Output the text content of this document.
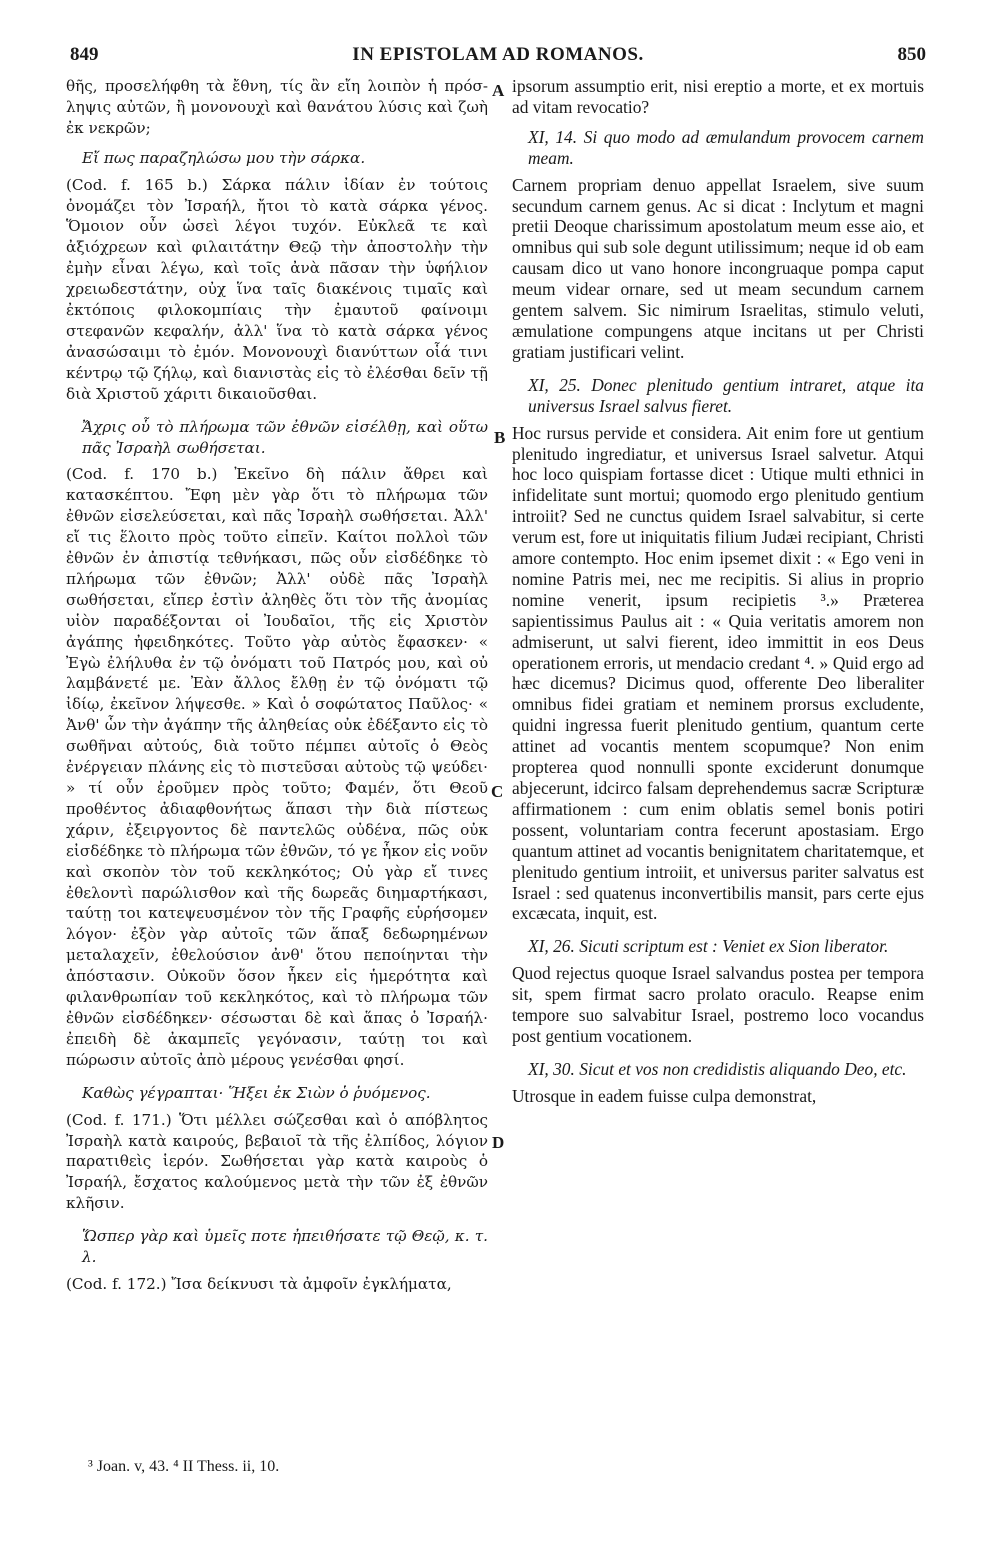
849	IN EPISTOLAM AD ROMANOS.	850

θῆς, προσελήφθη τὰ ἔθνη, τίς ἂν εἴη λοιπὸν ἡ πρόσ-ληψις αὐτῶν, ἢ μονονουχὶ καὶ θανάτου λύσις καὶ ζωὴ ἐκ νεκρῶν;

Εἴ πως παραζηλώσω μου τὴν σάρκα.

(Cod. f. 165 b.) Σάρκα πάλιν ἰδίαν ἐν τούτοις ὀνομάζει τὸν Ἰσραήλ, ἤτοι τὸ κατὰ σάρκα γένος. Ὅμοιον οὖν ὡσεὶ λέγοι τυχόν. Εὐκλεᾶ τε καὶ ἀξιόχρεων καὶ φιλαιτάτην Θεῷ τὴν ἀποστολὴν τὴν ἐμὴν εἶναι λέγω, καὶ τοῖς ἀνὰ πᾶσαν τὴν ὑφήλιον χρειωδεστάτην, οὐχ ἵνα ταῖς διακένοις τιμαῖς καὶ ἐκτόποις φιλοκομπίαις τὴν ἐμαυτοῦ φαίνοιμι στεφανῶν κεφαλήν, ἀλλ' ἵνα τὸ κατὰ σάρκα γένος ἀνασώσαιμι τὸ ἐμόν. Μονονουχὶ διανύττων οἷά τινι κέντρῳ τῷ ζήλῳ, καὶ διανιστὰς εἰς τὸ ἐλέσθαι δεῖν τῇ διὰ Χριστοῦ χάριτι δικαιοῦσθαι.

Ἄχρις οὗ τὸ πλήρωμα τῶν ἐθνῶν εἰσέλθῃ, καὶ οὕτω πᾶς Ἰσραὴλ σωθήσεται.

(Cod. f. 170 b.) Ἐκεῖνο δὴ πάλιν ἄθρει καὶ κατασκέπτου. Ἔφη μὲν γὰρ ὅτι τὸ πλήρωμα τῶν ἐθνῶν εἰσελεύσεται, καὶ πᾶς Ἰσραὴλ σωθήσεται. Ἀλλ' εἴ τις ἕλοιτο πρὸς τοῦτο εἰπεῖν. Καίτοι πολλοὶ τῶν ἐθνῶν ἐν ἀπιστίᾳ τεθνήκασι, πῶς οὖν εἰσδέδηκε τὸ πλήρωμα τῶν ἐθνῶν; Ἀλλ' οὐδὲ πᾶς Ἰσραὴλ σωθήσεται, εἴπερ ἐστὶν ἀληθὲς ὅτι τὸν τῆς ἀνομίας υἱὸν παραδέξονται οἱ Ἰουδαῖοι, τῆς εἰς Χριστὸν ἀγάπης ἠφειδηκότες. Τοῦτο γὰρ αὐτὸς ἔφασκεν· « Ἐγὼ ἐλήλυθα ἐν τῷ ὀνόματι τοῦ Πατρός μου, καὶ οὐ λαμβάνετέ με. Ἐὰν ἄλλος ἔλθῃ ἐν τῷ ὀνόματι τῷ ἰδίῳ, ἐκεῖνον λήψεσθε. » Καὶ ὁ σοφώτατος Παῦλος· « Ἀνθ' ὧν τὴν ἀγάπην τῆς ἀληθείας οὐκ ἐδέξαντο εἰς τὸ σωθῆναι αὐτούς, διὰ τοῦτο πέμπει αὐτοῖς ὁ Θεὸς ἐνέργειαν πλάνης εἰς τὸ πιστεῦσαι αὐτοὺς τῷ ψεύδει· » τί οὖν ἐροῦμεν πρὸς τοῦτο; Φαμέν, ὅτι Θεοῦ προθέντος ἀδιαφθονήτως ἅπασι τὴν διὰ πίστεως χάριν, ἐξειργοντος δὲ παντελῶς οὐδένα, πῶς οὐκ εἰσδέδηκε τὸ πλήρωμα τῶν ἐθνῶν, τό γε ἧκον εἰς νοῦν καὶ σκοπὸν τὸν τοῦ κεκληκότος; Οὐ γὰρ εἴ τινες ἐθελοντὶ παρώλισθον καὶ τῆς δωρεᾶς διημαρτήκασι, ταύτῃ τοι κατεψευσμένον τὸν τῆς Γραφῆς εὑρήσομεν λόγον· ἐξὸν γὰρ αὐτοῖς τῶν ἅπαξ δεδωρημένων μεταλαχεῖν, ἐθελούσιον ἀνθ' ὅτου πεποίηνται τὴν ἀπόστασιν. Οὐκοῦν ὅσον ἧκεν εἰς ἡμερότητα καὶ φιλανθρωπίαν τοῦ κεκληκότος, καὶ τὸ πλήρωμα τῶν ἐθνῶν εἰσδέδηκεν· σέσωσται δὲ καὶ ἅπας ὁ Ἰσραήλ· ἐπειδὴ δὲ ἀκαμπεῖς γεγόνασιν, ταύτῃ τοι καὶ πώρωσιν αὐτοῖς ἀπὸ μέρους γενέσθαι φησί.

Καθὼς γέγραπται· Ἥξει ἐκ Σιὼν ὁ ῥυόμενος.

(Cod. f. 171.) Ὅτι μέλλει σώζεσθαι καὶ ὁ απόβλητος Ἰσραὴλ κατὰ καιρούς, βεβαιοῖ τὰ τῆς ἐλπίδος, λόγιον παρατιθεὶς ἱερόν. Σωθήσεται γὰρ κατὰ καιροὺς ὁ Ἰσραήλ, ἔσχατος καλούμενος μετὰ τὴν τῶν ἐξ ἐθνῶν κλῆσιν.

Ὥσπερ γὰρ καὶ ὑμεῖς ποτε ἠπειθήσατε τῷ Θεῷ, κ. τ. λ.

(Cod. f. 172.) Ἴσα δείκνυσι τὰ ἀμφοῖν ἐγκλήματα,

ipsorum assumptio erit, nisi ereptio a morte, et ex mortuis ad vitam revocatio?

XI, 14. Si quo modo ad æmulandum provocem carnem meam.

Carnem propriam denuo appellat Israelem, sive suum secundum carnem genus. Ac si dicat : Inclytum et magni pretii Deoque charissimum apostolatum meum esse aio, et omnibus qui sub sole degunt utilissimum; neque id ob eam causam dico ut vano honore incongruaque pompa caput meum videar ornare, sed ut meam secundum carnem gentem salvem. Sic nimirum Israelitas, stimulo veluti, æmulatione compungens atque incitans ut per Christi gratiam justificari velint.

XI, 25. Donec plenitudo gentium intraret, atque ita universus Israel salvus fieret.

Hoc rursus pervide et considera. Ait enim fore ut gentium plenitudo ingrediatur, et universus Israel salvetur. Atqui hoc loco quispiam fortasse dicet : Utique multi ethnici in infidelitate sunt mortui; quomodo ergo plenitudo gentium introiit? Sed ne cunctus quidem Israel salvabitur, si certe verum est, fore ut iniquitatis filium Judæi recipiant, Christi amore contempto. Hoc enim ipsemet dixit : « Ego veni in nomine Patris mei, nec me recipitis. Si alius in proprio nomine venerit, ipsum recipietis ³.» Præterea sapientissimus Paulus ait : « Quia veritatis amorem non admiserunt, ut salvi fierent, ideo immittit in eos Deus operationem erroris, ut mendacio credant ⁴. » Quid ergo ad hæc dicemus? Dicimus quod, offerente Deo liberaliter omnibus fidei gratiam et neminem prorsus excludente, quidni ingressa fuerit plenitudo gentium, quantum certe attinet ad vocantis mentem scopumque? Non enim propterea quod nonnulli sponte exciderunt donumque abjecerunt, idcirco falsam deprehendemus sacræ Scripturæ affirmationem : cum enim oblatis semel bonis potiri possent, voluntariam contra fecerunt apostasiam. Ergo quantum attinet ad vocantis benignitatem charitatemque, et plenitudo gentium introiit, et universus pariter salvatus est Israel : sed quatenus inconvertibilis mansit, pars certe ejus excæcata, inquit, est.

XI, 26. Sicuti scriptum est : Veniet ex Sion liberator.

Quod rejectus quoque Israel salvandus postea per tempora sit, spem firmat sacro prolato oraculo. Reapse enim tempore suo salvabitur Israel, postremo loco vocandus post gentium vocationem.

XI, 30. Sicut et vos non credidistis aliquando Deo, etc.

Utrosque in eadem fuisse culpa demonstrat,

A
B
C
D
³ Joan. v, 43. ⁴ II Thess. ii, 10.
